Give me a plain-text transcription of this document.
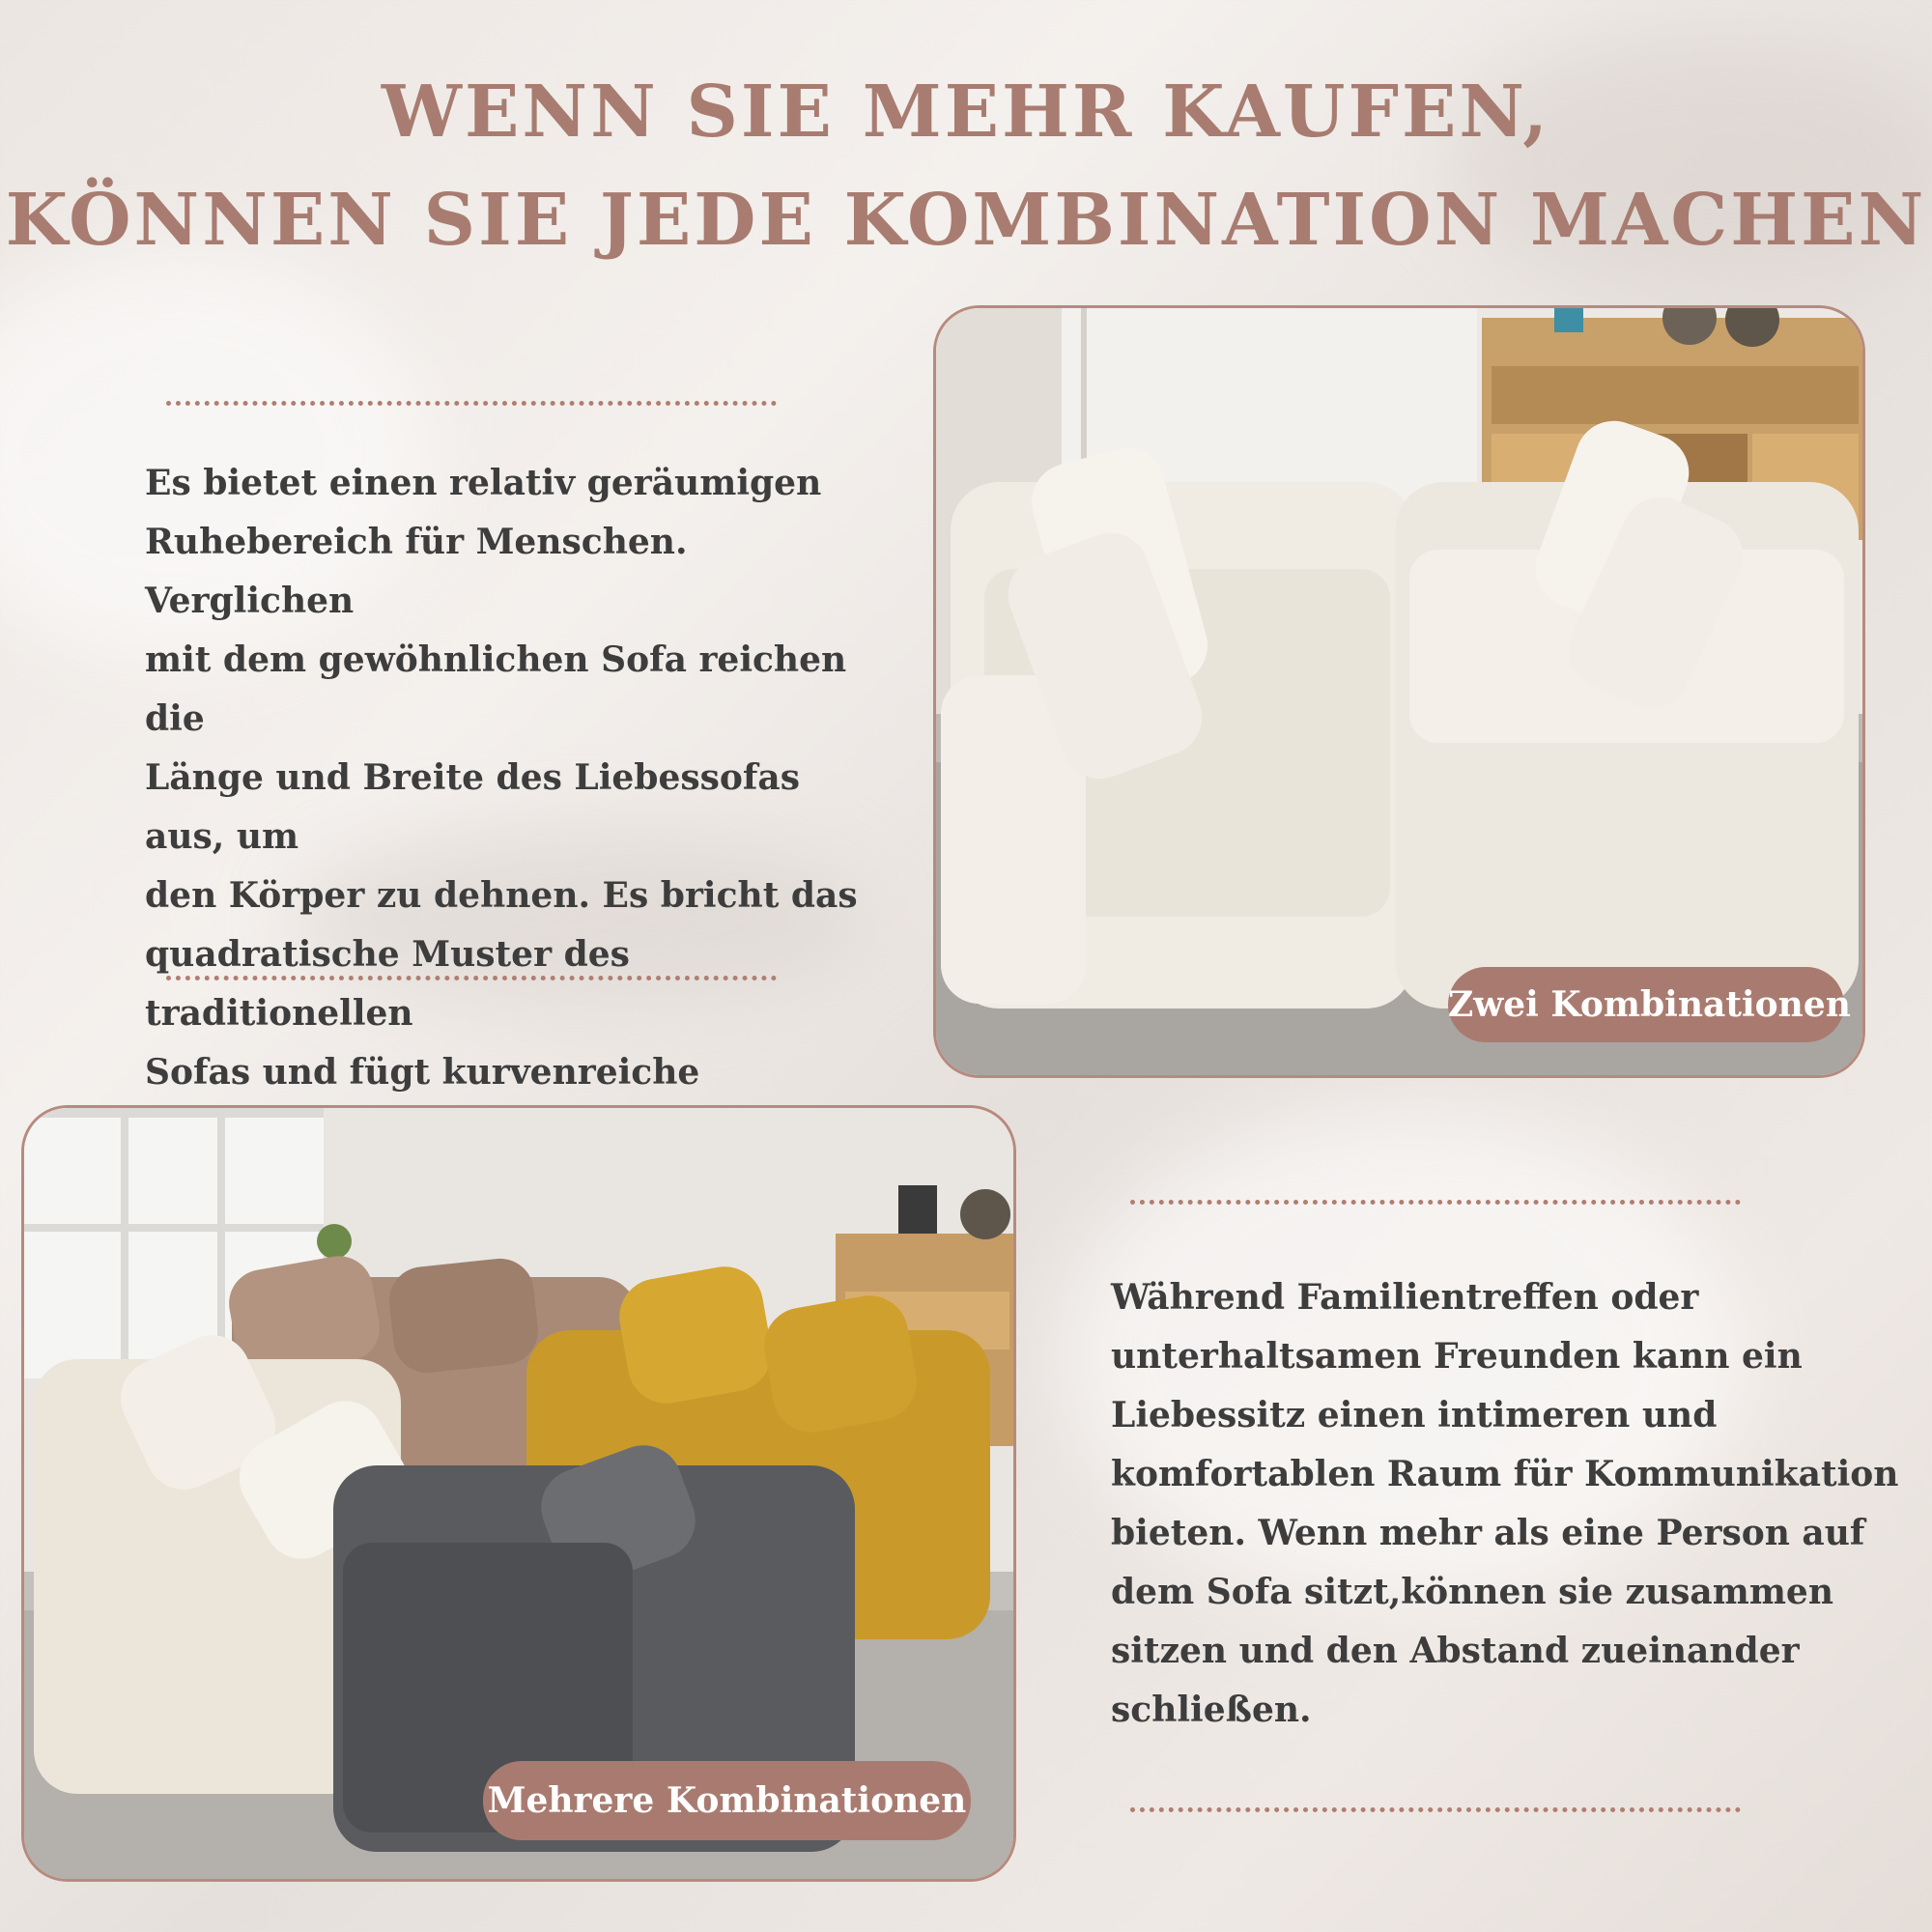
WENN SIE MEHR KAUFEN,
KÖNNEN SIE JEDE KOMBINATION MACHEN
Es bietet einen relativ geräumigen
Ruhebereich für Menschen. Verglichen
mit dem gewöhnlichen Sofa reichen die
Länge und Breite des Liebessofas aus, um
den Körper zu dehnen. Es bricht das
quadratische Muster des traditionellen
Sofas und fügt kurvenreiche
Zwei Kombinationen
Mehrere Kombinationen
Während Familientreffen oder
unterhaltsamen Freunden kann ein
Liebessitz einen intimeren und
komfortablen Raum für Kommunikation
bieten. Wenn mehr als eine Person auf
dem Sofa sitzt,können sie zusammen
sitzen und den Abstand zueinander
schließen.
